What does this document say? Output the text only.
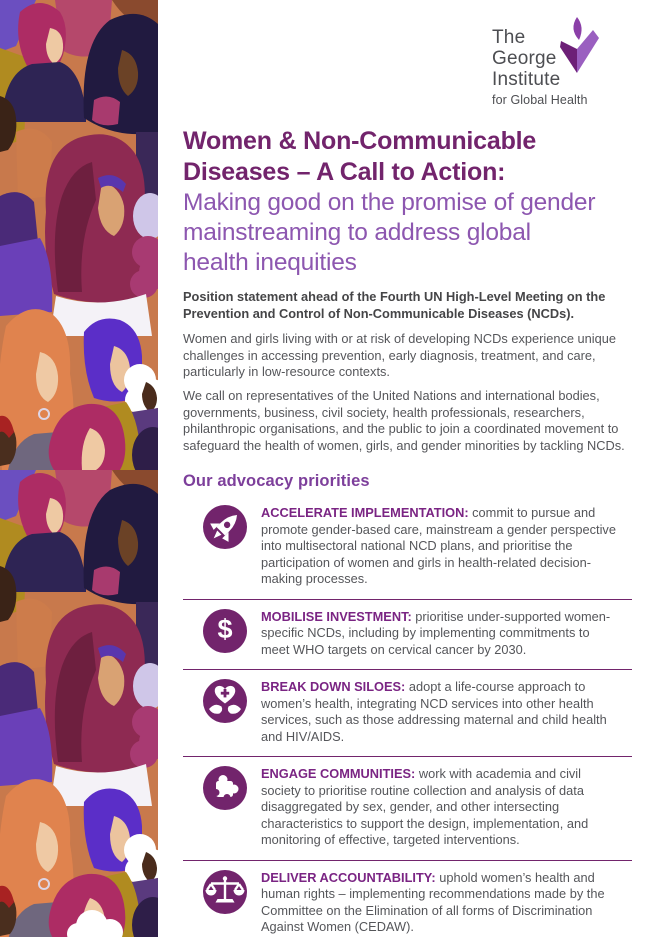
The
George
Institute
for Global Health
Women & Non-Communicable Diseases – A Call to Action:
Making good on the promise of gender mainstreaming to address global health inequities

Position statement ahead of the Fourth UN High-Level Meeting on the Prevention and Control of Non-Communicable Diseases (NCDs).

Women and girls living with or at risk of developing NCDs experience unique challenges in accessing prevention, early diagnosis, treatment, and care, particularly in low-resource contexts.

We call on representatives of the United Nations and international bodies, governments, business, civil society, health professionals, researchers, philanthropic organisations, and the public to join a coordinated movement to safeguard the health of women, girls, and gender minorities by tackling NCDs.

Our advocacy priorities
ACCELERATE IMPLEMENTATION: commit to pursue and promote gender-based care, mainstream a gender perspective into multisectoral national NCD plans, and prioritise the participation of women and girls in health-related decision-making processes.
$ MOBILISE INVESTMENT: prioritise under-supported women-specific NCDs, including by implementing commitments to meet WHO targets on cervical cancer by 2030.
BREAK DOWN SILOES: adopt a life-course approach to women’s health, integrating NCD services into other health services, such as those addressing maternal and child health and HIV/AIDS.
ENGAGE COMMUNITIES: work with academia and civil society to prioritise routine collection and analysis of data disaggregated by sex, gender, and other intersecting characteristics to support the design, implementation, and monitoring of effective, targeted interventions.
DELIVER ACCOUNTABILITY: uphold women’s health and human rights – implementing recommendations made by the Committee on the Elimination of all forms of Discrimination Against Women (CEDAW).
